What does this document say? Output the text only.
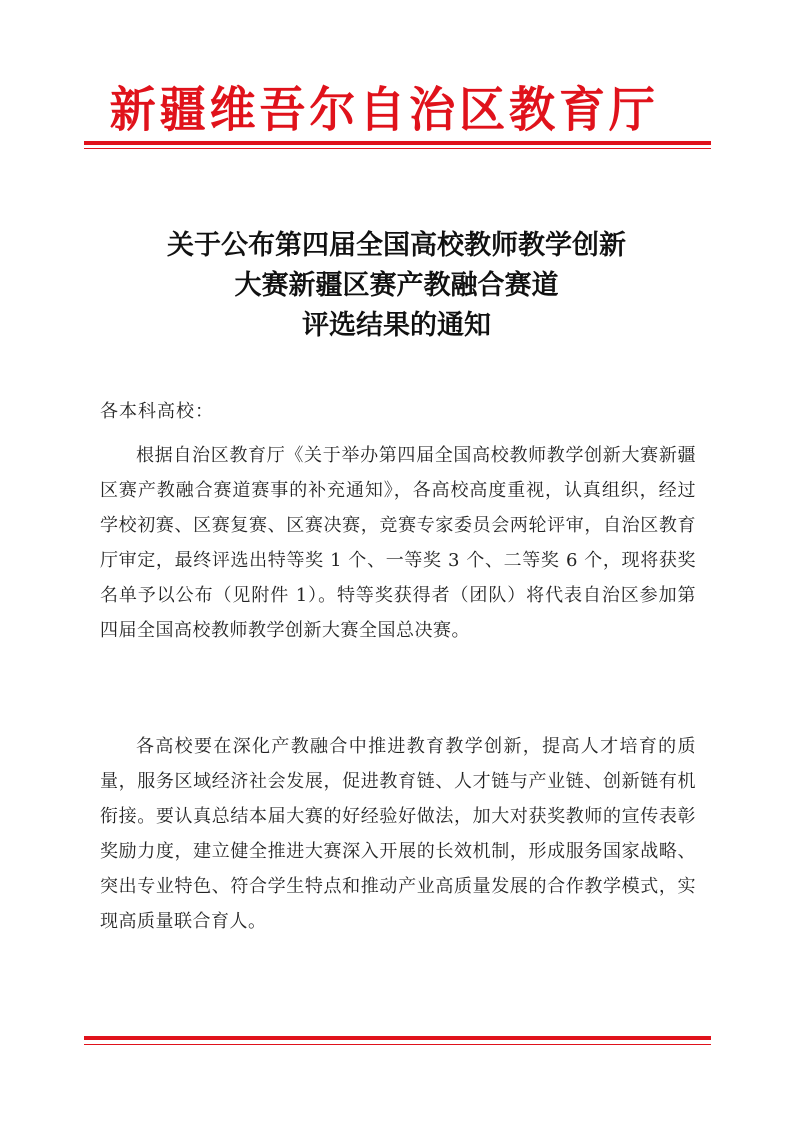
新疆维吾尔自治区教育厅
关于公布第四届全国高校教师教学创新
大赛新疆区赛产教融合赛道
评选结果的通知
各本科高校：

根据自治区教育厅《关于举办第四届全国高校教师教学创新大赛新疆区赛产教融合赛道赛事的补充通知》，各高校高度重视，认真组织，经过学校初赛、区赛复赛、区赛决赛，竞赛专家委员会两轮评审，自治区教育厅审定，最终评选出特等奖 1 个、一等奖 3 个、二等奖 6 个，现将获奖名单予以公布（见附件 1）。特等奖获得者（团队）将代表自治区参加第四届全国高校教师教学创新大赛全国总决赛。

各高校要在深化产教融合中推进教育教学创新，提高人才培育的质量，服务区域经济社会发展，促进教育链、人才链与产业链、创新链有机衔接。要认真总结本届大赛的好经验好做法，加大对获奖教师的宣传表彰奖励力度，建立健全推进大赛深入开展的长效机制，形成服务国家战略、突出专业特色、符合学生特点和推动产业高质量发展的合作教学模式，实现高质量联合育人。
